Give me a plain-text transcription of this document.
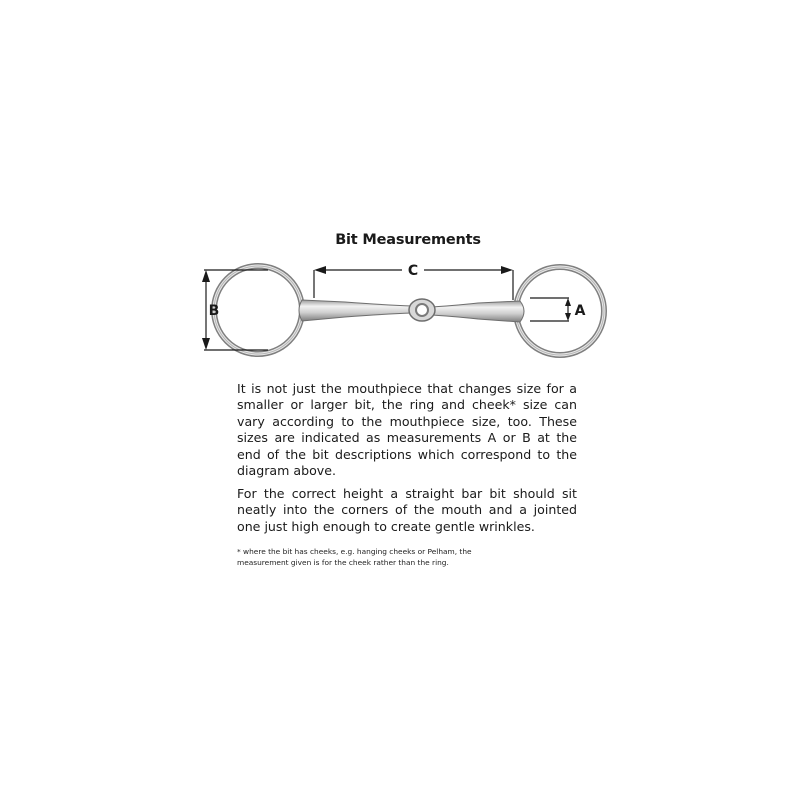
Bit Measurements
C
B	A
It is not just the mouthpiece that changes size for a smaller or larger bit, the ring and cheek* size can vary according to the mouthpiece size, too. These sizes are indicated as measurements A or B at the end of the bit descriptions which correspond to the diagram above.
For the correct height a straight bar bit should sit neatly into the corners of the mouth and a jointed one just high enough to create gentle wrinkles.
* where the bit has cheeks, e.g. hanging cheeks or Pelham, the
measurement given is for the cheek rather than the ring.
